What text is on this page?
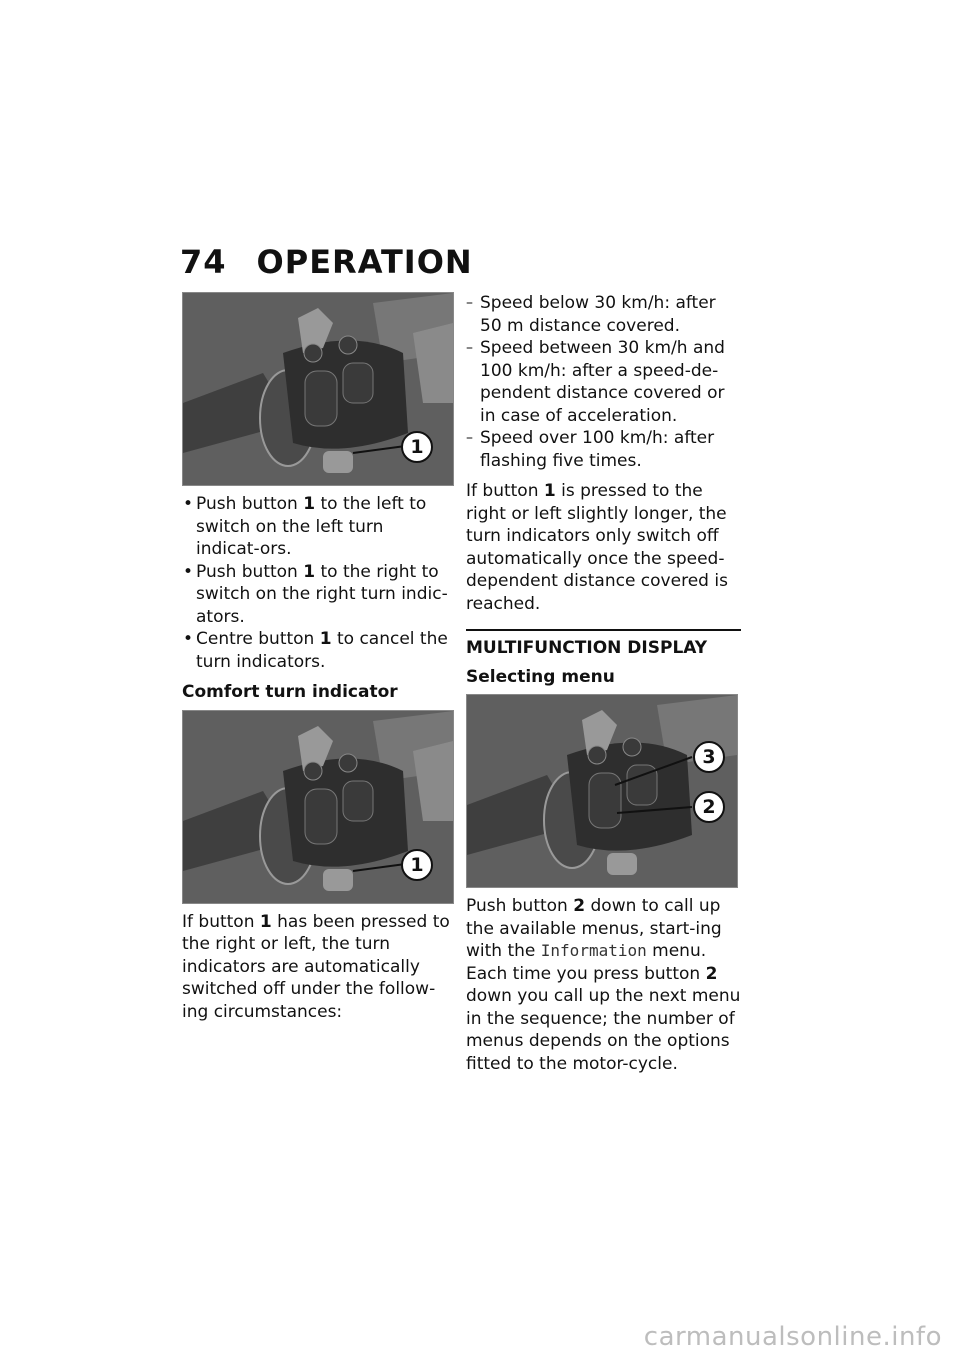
74 OPERATION
1
• Push button 1 to the left to switch on the left turn indicat-ors.
• Push button 1 to the right to switch on the right turn indic-ators.
• Centre button 1 to cancel the turn indicators.
Comfort turn indicator
1

If button 1 has been pressed to the right or left, the turn indicators are automatically switched off under the follow-ing circumstances:

– Speed below 30 km/h: after 50 m distance covered.
– Speed between 30 km/h and 100 km/h: after a speed-de-pendent distance covered or in case of acceleration.
– Speed over 100 km/h: after flashing five times.

If button 1 is pressed to the right or left slightly longer, the turn indicators only switch off automatically once the speed-dependent distance covered is reached.

MULTIFUNCTION DISPLAY
Selecting menu
3
2

Push button 2 down to call up the available menus, start-ing with the Information menu. Each time you press button 2 down you call up the next menu in the sequence; the number of menus depends on the options fitted to the motor-cycle.

carmanualsonline.info
